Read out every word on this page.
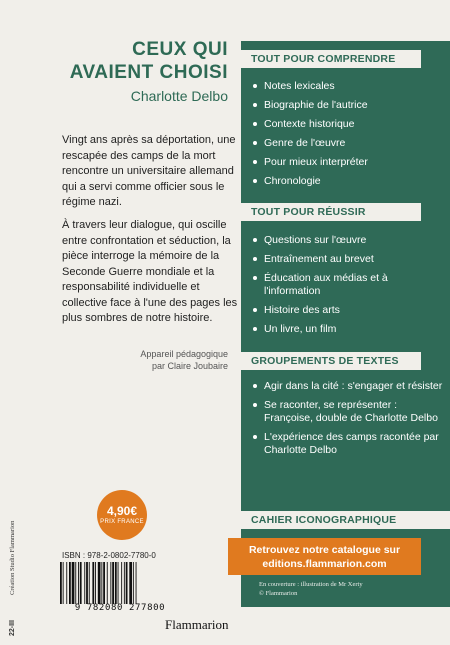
CEUX QUI
AVAIENT CHOISI
Charlotte Delbo

Vingt ans après sa déportation, une rescapée des camps de la mort rencontre un universitaire allemand qui a servi comme officier sous le régime nazi.

À travers leur dialogue, qui oscille entre confrontation et séduction, la pièce interroge la mémoire de la Seconde Guerre mondiale et la responsabilité individuelle et collective face à l'une des pages les plus sombres de notre histoire.

Appareil pédagogique
par Claire Joubaire
4,90€
PRIX FRANCE
ISBN : 978-2-0802-7780-0
9 782080 277800
Flammarion
Création Studio Flammarion
22-III
TOUT POUR COMPRENDRE
Notes lexicales
Biographie de l'autrice
Contexte historique
Genre de l'œuvre
Pour mieux interpréter
Chronologie
TOUT POUR RÉUSSIR
Questions sur l'œuvre
Entraînement au brevet
Éducation aux médias et à l'information
Histoire des arts
Un livre, un film
GROUPEMENTS DE TEXTES
Agir dans la cité : s'engager et résister
Se raconter, se représenter : Françoise, double de Charlotte Delbo
L'expérience des camps racontée par Charlotte Delbo
CAHIER ICONOGRAPHIQUE
Retrouvez notre catalogue sur
editions.flammarion.com
En couverture : illustration de Mr Xerty
© Flammarion
